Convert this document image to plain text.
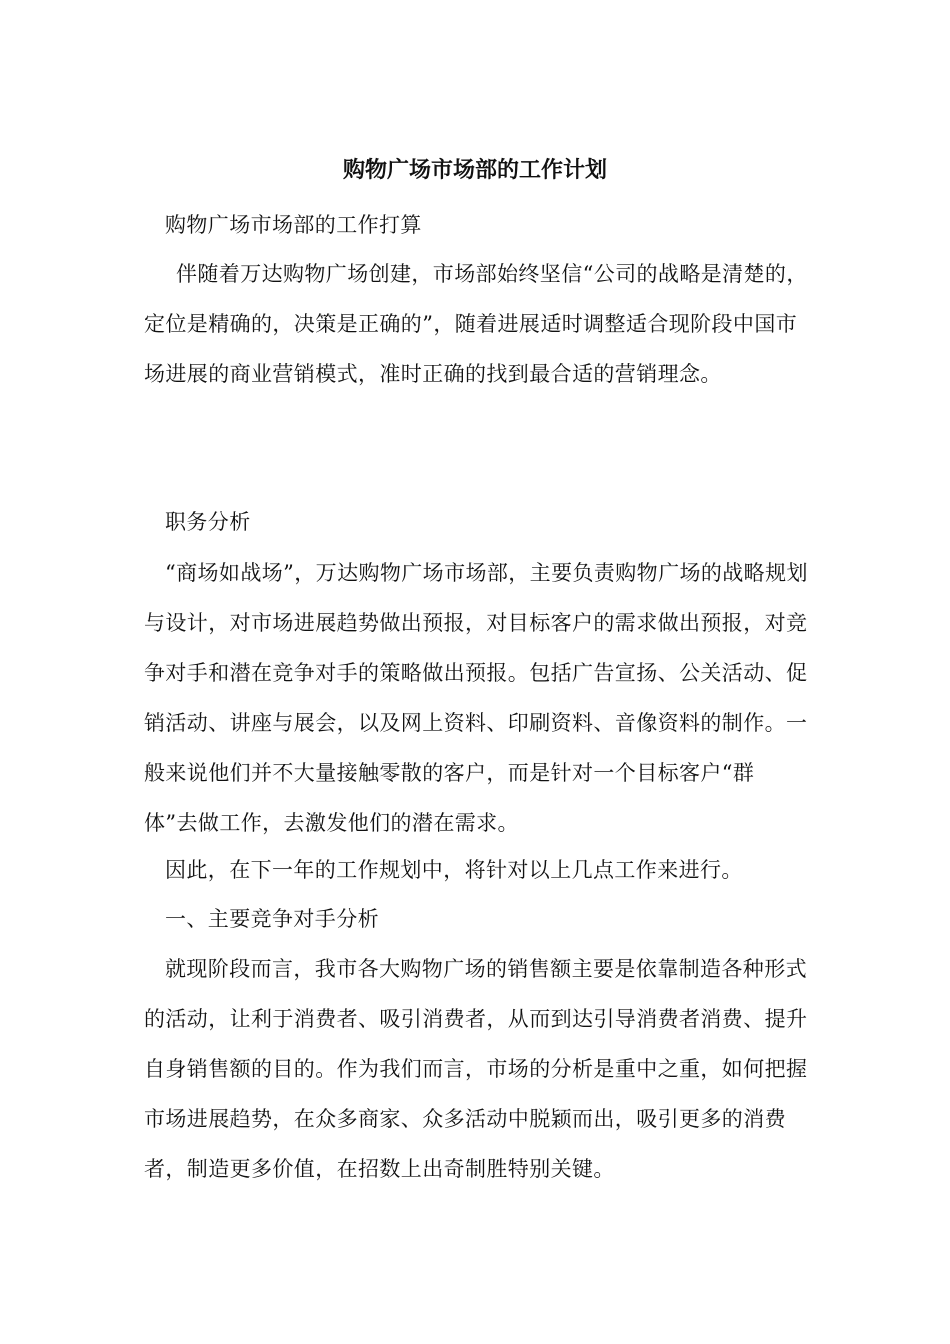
购物广场市场部的工作计划

购物广场市场部的工作打算

伴随着万达购物广场创建，市场部始终坚信“公司的战略是清楚的，定位是精确的，决策是正确的”，随着进展适时调整适合现阶段中国市场进展的商业营销模式，准时正确的找到最合适的营销理念。

职务分析

“商场如战场”，万达购物广场市场部，主要负责购物广场的战略规划与设计，对市场进展趋势做出预报，对目标客户的需求做出预报，对竞争对手和潜在竞争对手的策略做出预报。包括广告宣扬、公关活动、促销活动、讲座与展会，以及网上资料、印刷资料、音像资料的制作。一般来说他们并不大量接触零散的客户，而是针对一个目标客户“群体”去做工作，去激发他们的潜在需求。

因此，在下一年的工作规划中，将针对以上几点工作来进行。

一、主要竞争对手分析

就现阶段而言，我市各大购物广场的销售额主要是依靠制造各种形式的活动，让利于消费者、吸引消费者，从而到达引导消费者消费、提升自身销售额的目的。作为我们而言，市场的分析是重中之重，如何把握市场进展趋势，在众多商家、众多活动中脱颖而出，吸引更多的消费者，制造更多价值，在招数上出奇制胜特别关键。
